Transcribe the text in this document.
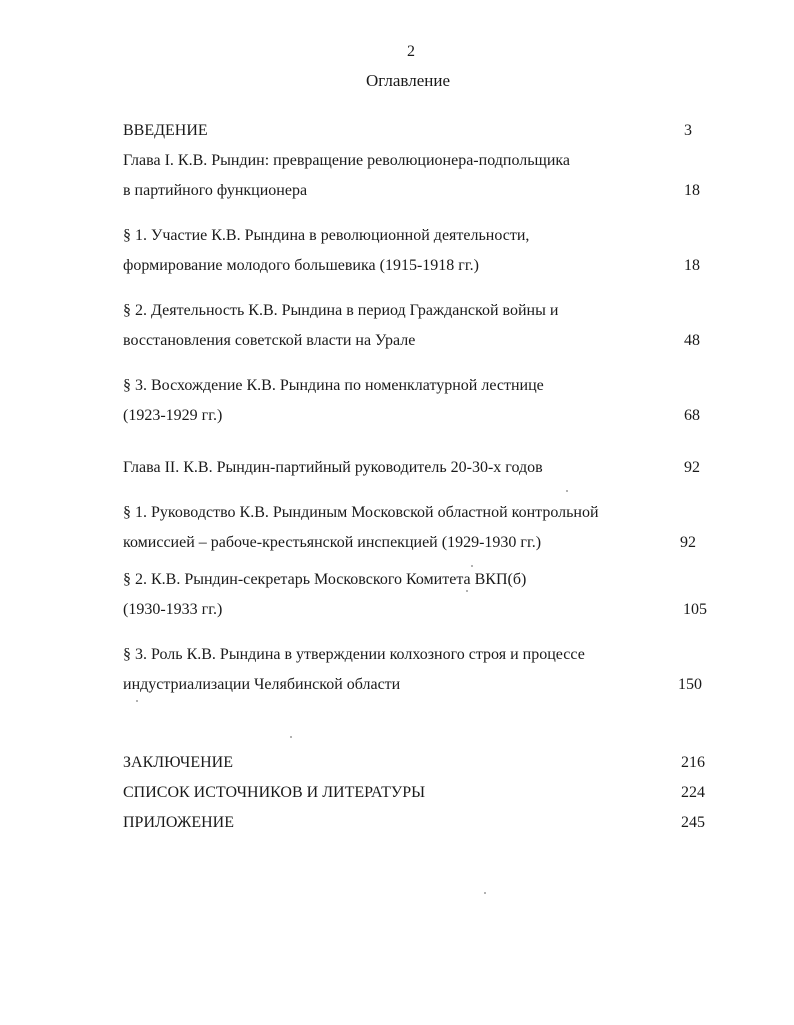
2
Оглавление
ВВЕДЕНИЕ	3
Глава I. К.В. Рындин: превращение революционера-подпольщика
в партийного функционера	18
§ 1. Участие К.В. Рындина в революционной деятельности,
формирование молодого большевика (1915-1918 гг.)	18
§ 2. Деятельность К.В. Рындина в период Гражданской войны и
восстановления советской власти на Урале	48
§ 3. Восхождение К.В. Рындина по номенклатурной лестнице
(1923-1929 гг.)	68
Глава II. К.В. Рындин-партийный руководитель 20-30-х годов	92
§ 1. Руководство К.В. Рындиным Московской областной контрольной
комиссией – рабоче-крестьянской инспекцией (1929-1930 гг.)	92
§ 2. К.В. Рындин-секретарь Московского Комитета ВКП(б)
(1930-1933 гг.)	105
§ 3. Роль К.В. Рындина в утверждении колхозного строя и процессе
индустриализации Челябинской области	150
ЗАКЛЮЧЕНИЕ	216
СПИСОК ИСТОЧНИКОВ И ЛИТЕРАТУРЫ	224
ПРИЛОЖЕНИЕ	245
